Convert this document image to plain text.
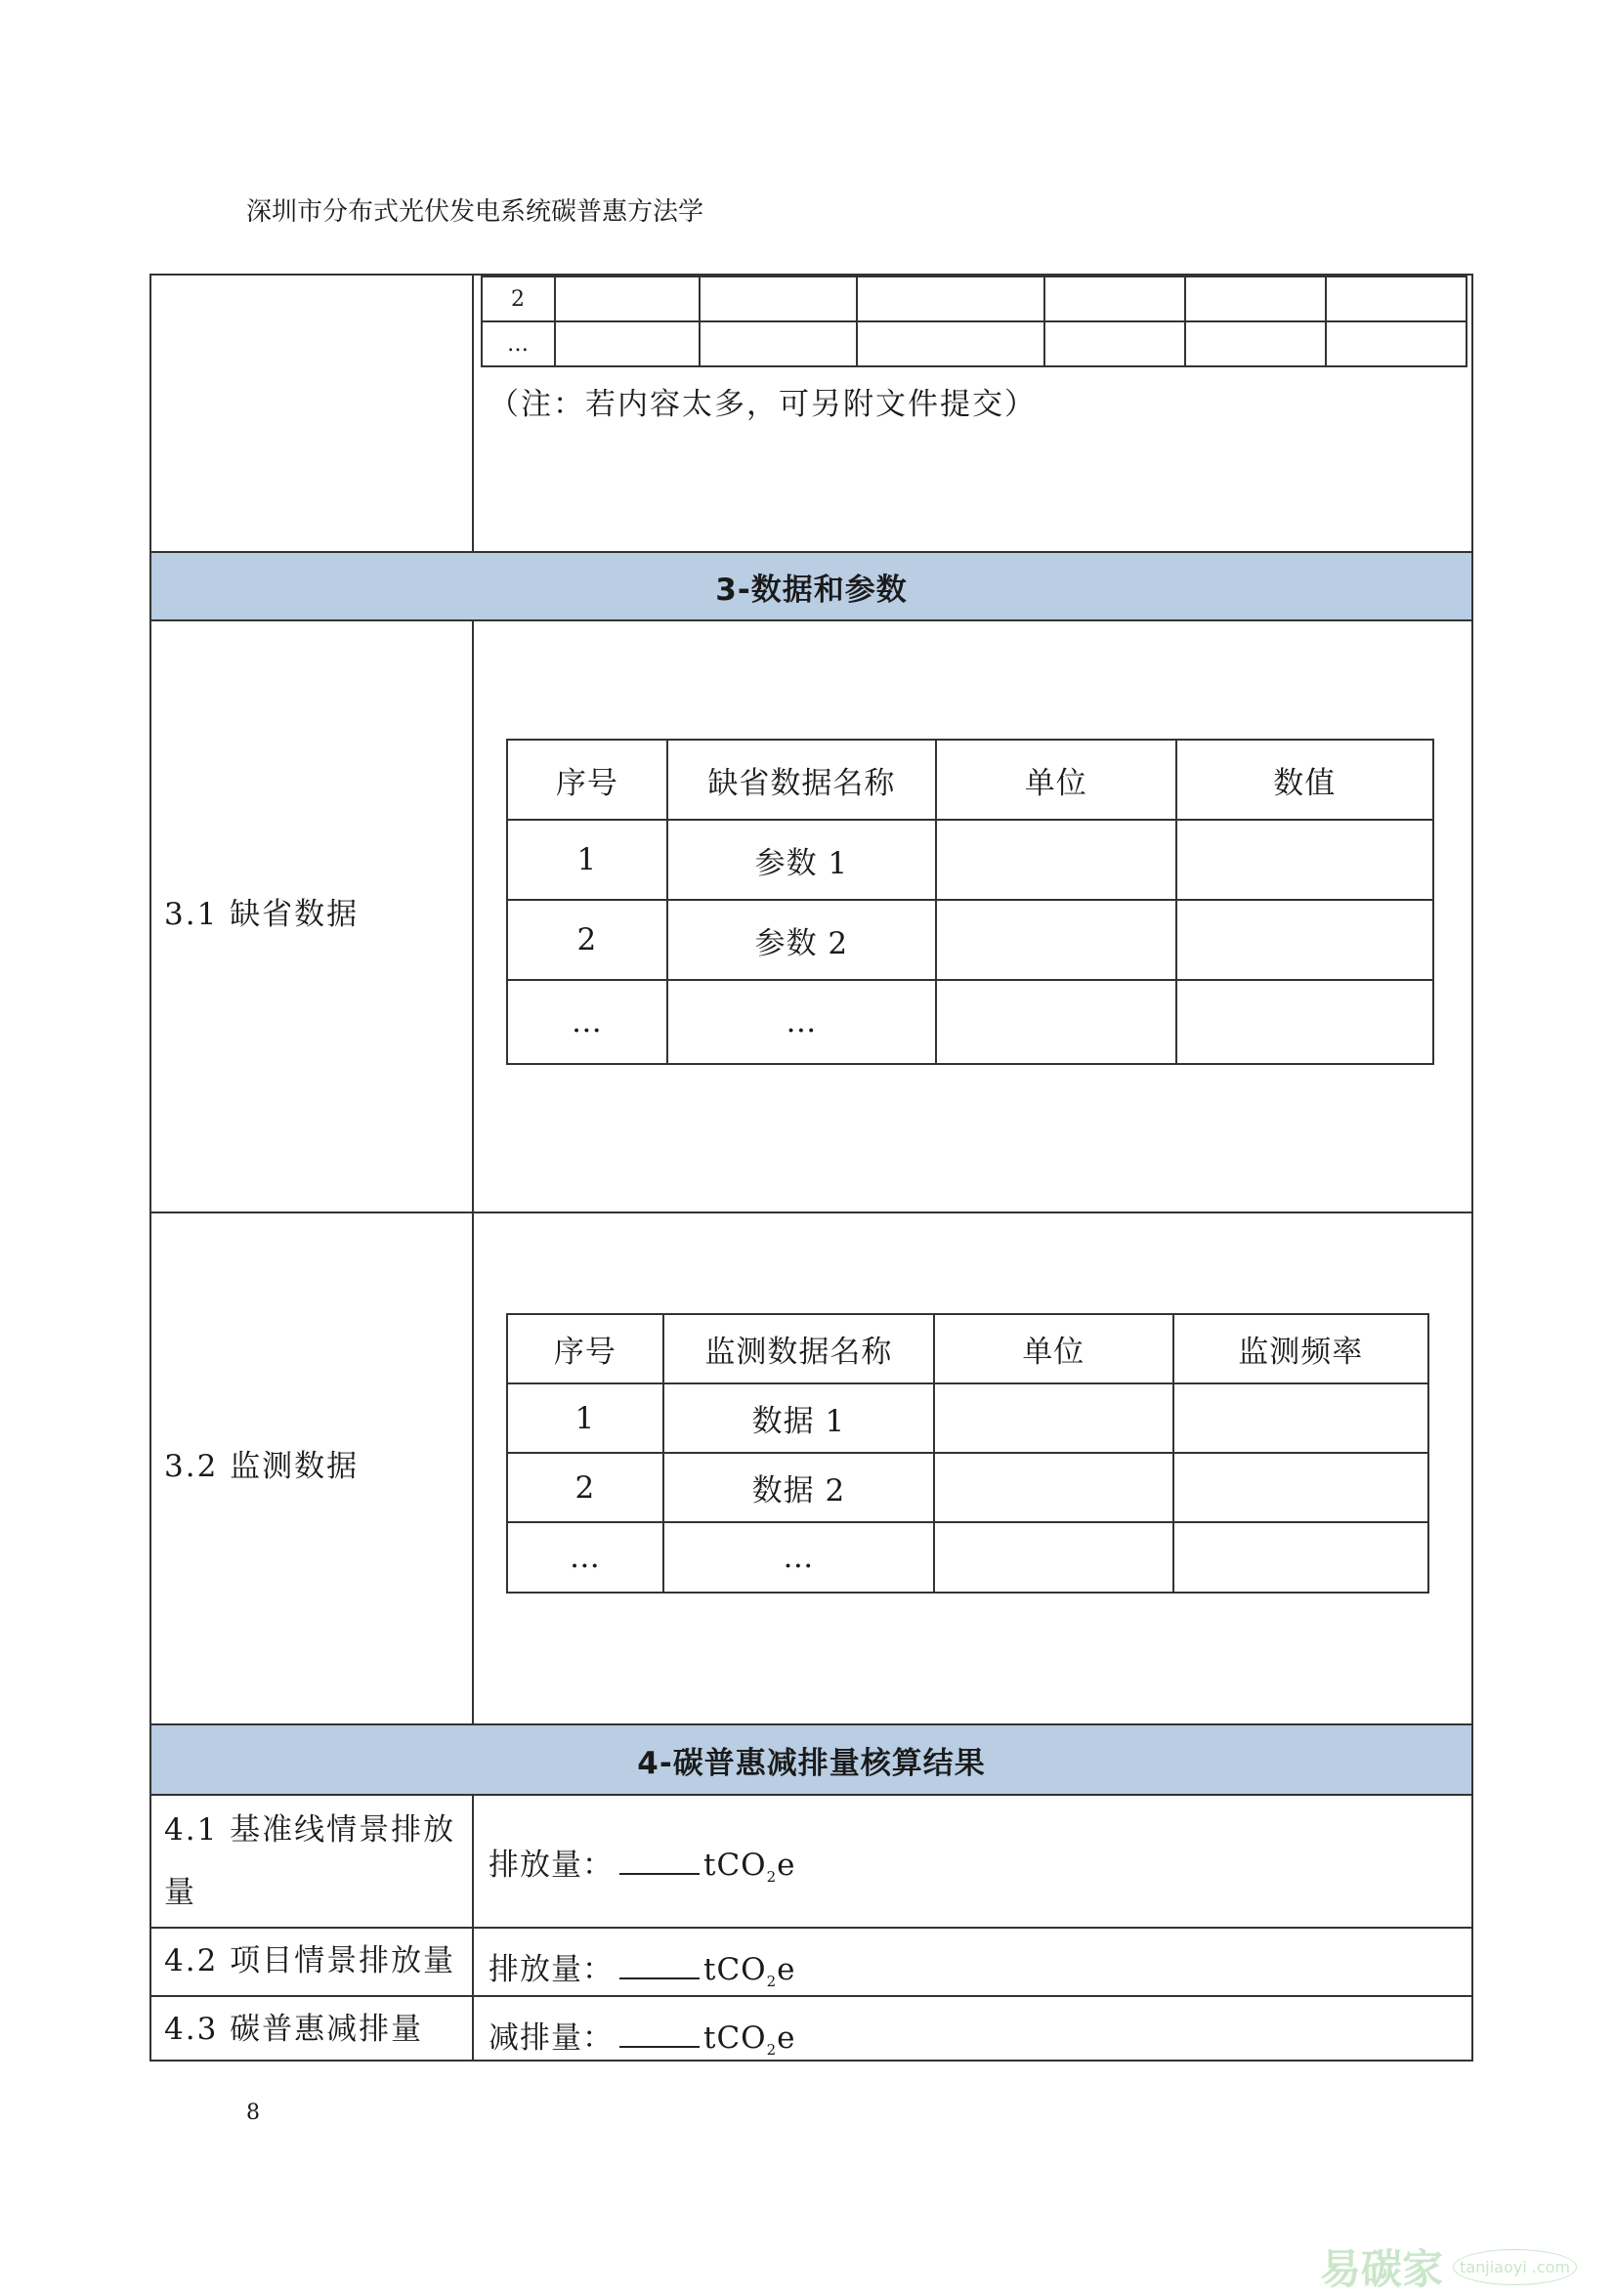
深圳市分布式光伏发电系统碳普惠方法学
2						
…						
（注：若内容太多，可另附文件提交）
3-数据和参数
3.1 缺省数据
序号	缺省数据名称	单位	数值
1	参数 1		
2	参数 2		
…	…		
3.2 监测数据
序号	监测数据名称	单位	监测频率
1	数据 1		
2	数据 2		
…	…		
4-碳普惠减排量核算结果
4.1 基准线情景排放
量
排放量：	tCO$_2$e
4.2 项目情景排放量 排放量：	tCO$_2$e
4.3 碳普惠减排量 减排量：	tCO$_2$e
8
易碳家	tanjiaoyi .com
